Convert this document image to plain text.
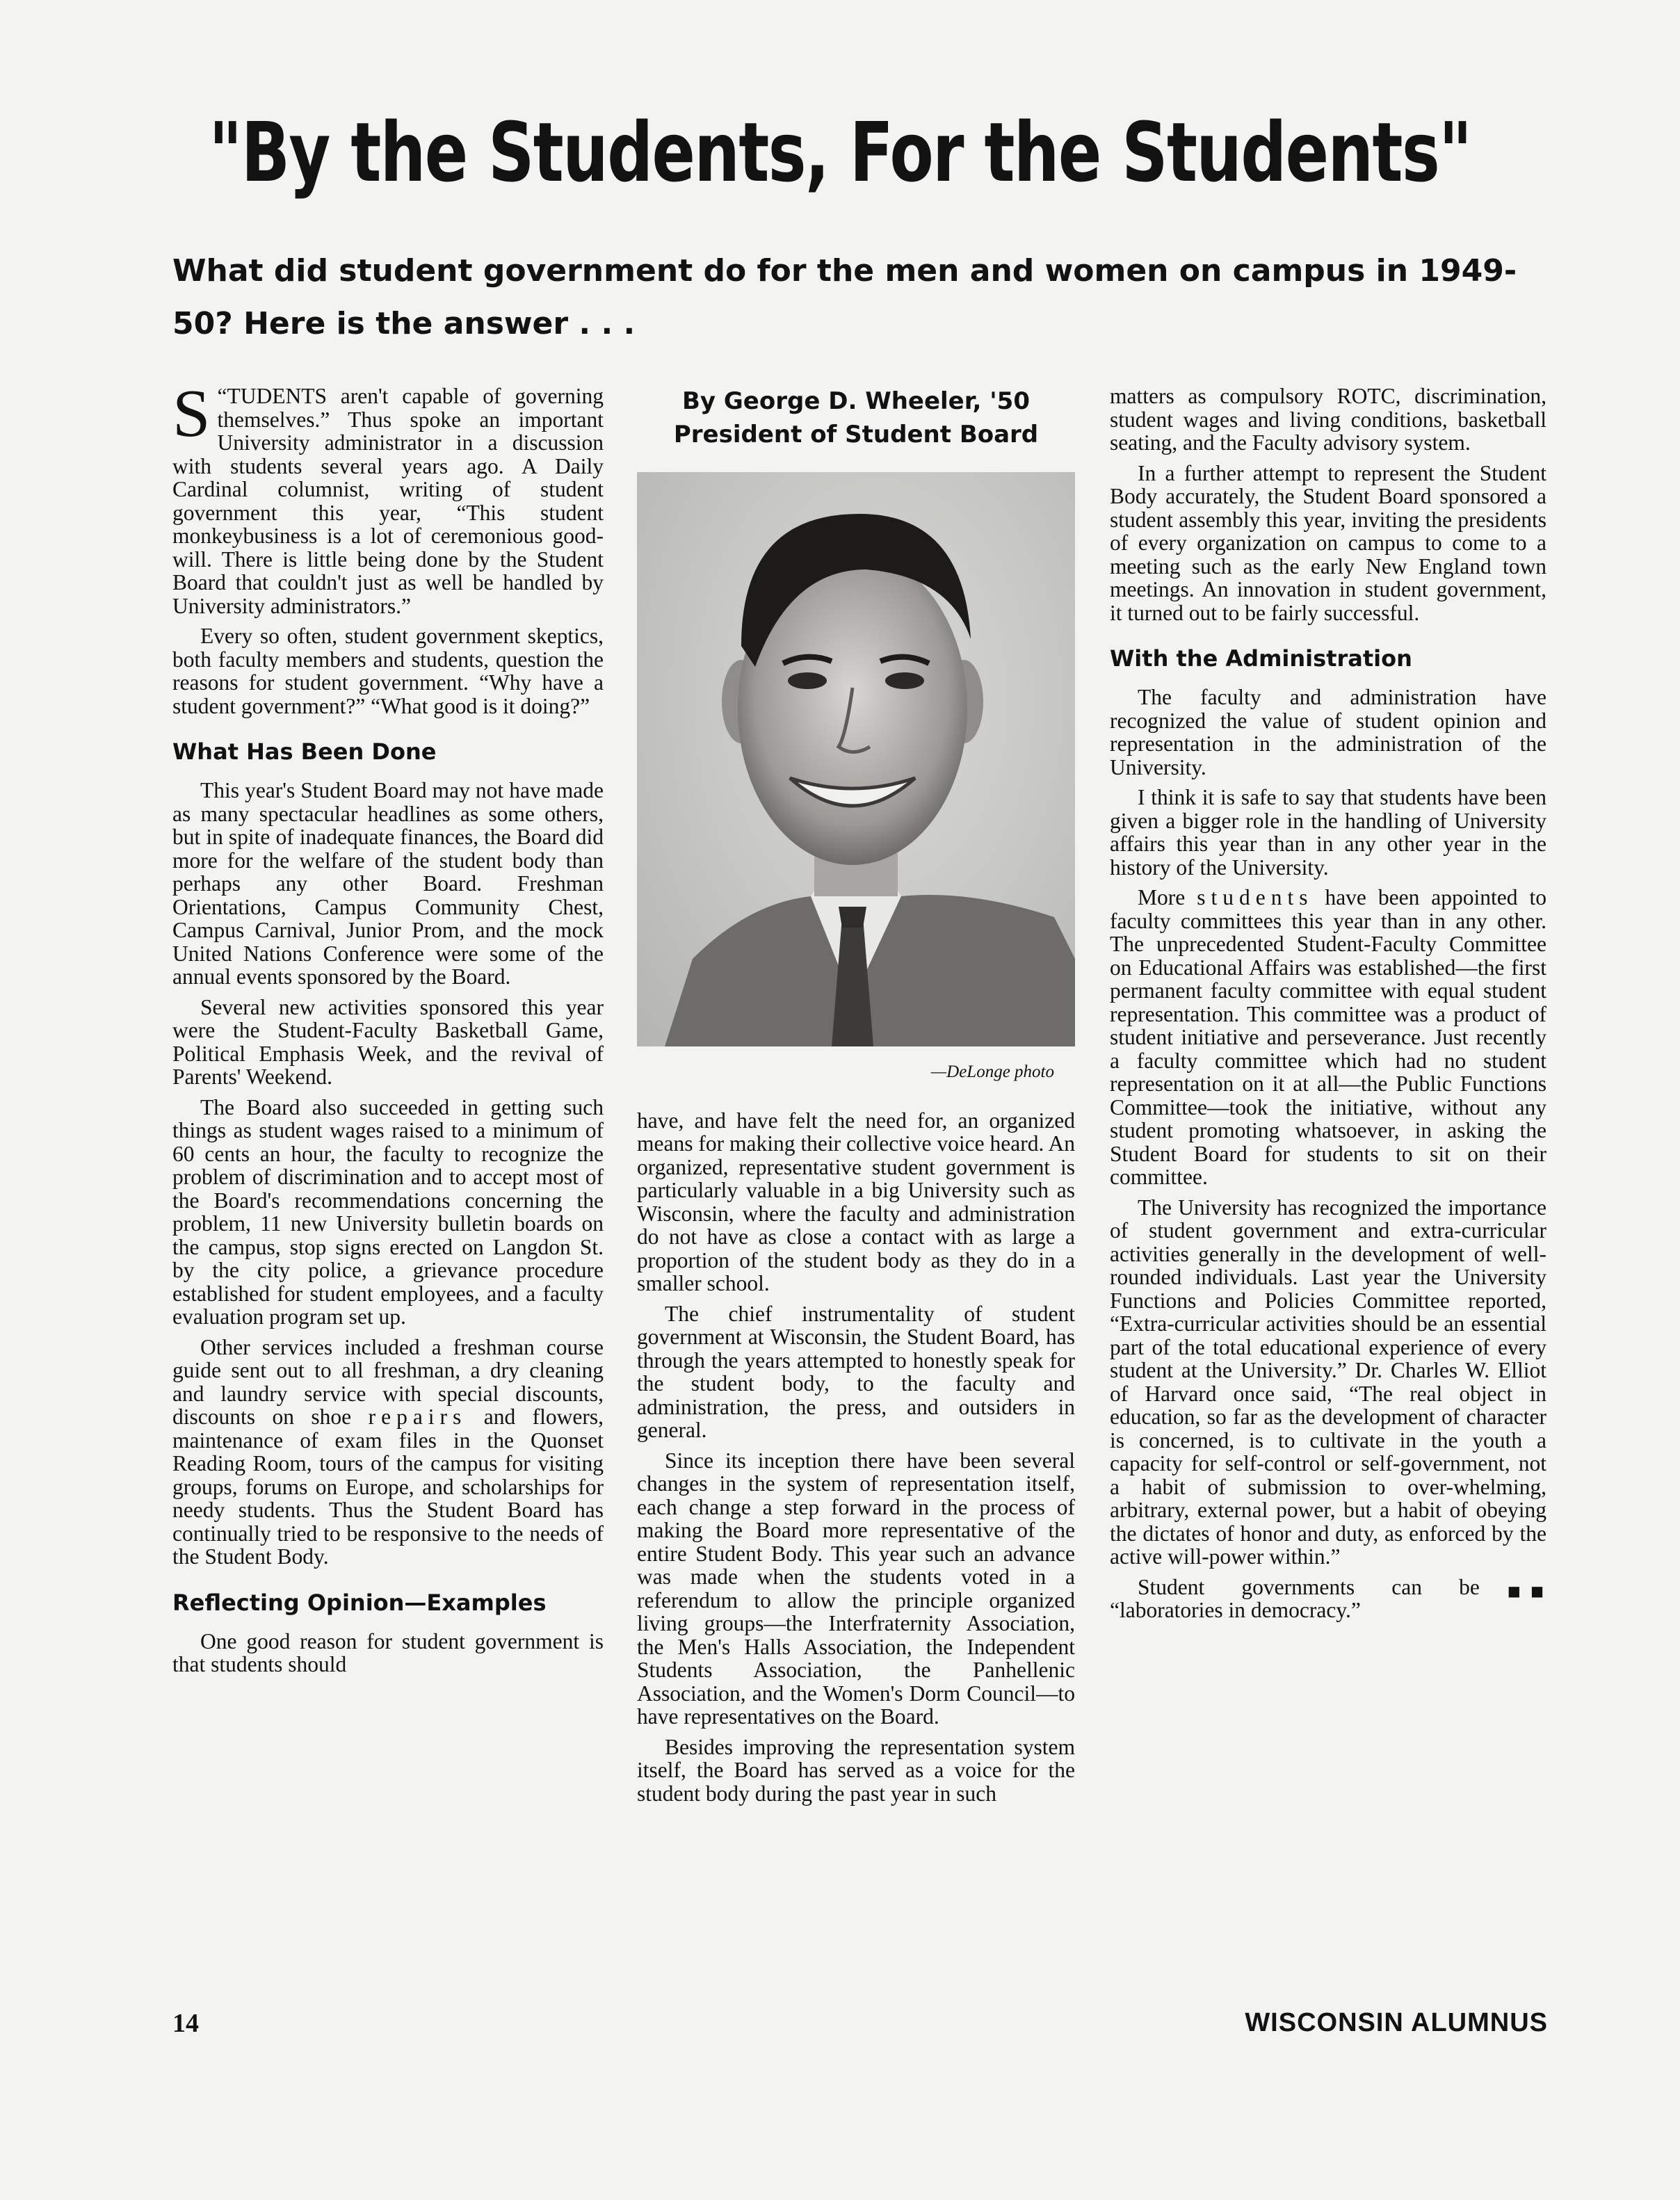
"By the Students, For the Students"
What did student government do for the men and women on campus in 1949-50? Here is the answer . . .

“
S TUDENTS aren't capable of governing themselves.” Thus spoke an important University administrator in a discussion with students several years ago. A Daily Cardinal columnist, writing of student government this year, “This student monkeybusiness is a lot of ceremonious good-will. There is little being done by the Student Board that couldn't just as well be handled by University administrators.”

Every so often, student government skeptics, both faculty members and students, question the reasons for student government. “Why have a student government?” “What good is it doing?”

What Has Been Done

This year's Student Board may not have made as many spectacular headlines as some others, but in spite of inadequate finances, the Board did more for the welfare of the student body than perhaps any other Board. Freshman Orientations, Campus Community Chest, Campus Carnival, Junior Prom, and the mock United Nations Conference were some of the annual events sponsored by the Board.

Several new activities sponsored this year were the Student-Faculty Basketball Game, Political Emphasis Week, and the revival of Parents' Weekend.

The Board also succeeded in getting such things as student wages raised to a minimum of 60 cents an hour, the faculty to recognize the problem of discrimination and to accept most of the Board's recommendations concerning the problem, 11 new University bulletin boards on the campus, stop signs erected on Langdon St. by the city police, a grievance procedure established for student employees, and a faculty evaluation program set up.

Other services included a freshman course guide sent out to all freshman, a dry cleaning and laundry service with special discounts, discounts on shoe repairs and flowers, maintenance of exam files in the Quonset Reading Room, tours of the campus for visiting groups, forums on Europe, and scholarships for needy students. Thus the Student Board has continually tried to be responsive to the needs of the Student Body.

Reflecting Opinion—Examples

One good reason for student government is that students should

By George D. Wheeler, '50
President of Student Board
—DeLonge photo

have, and have felt the need for, an organized means for making their collective voice heard. An organized, representative student government is particularly valuable in a big University such as Wisconsin, where the faculty and administration do not have as close a contact with as large a proportion of the student body as they do in a smaller school.

The chief instrumentality of student government at Wisconsin, the Student Board, has through the years attempted to honestly speak for the student body, to the faculty and administration, the press, and outsiders in general.

Since its inception there have been several changes in the system of representation itself, each change a step forward in the process of making the Board more representative of the entire Student Body. This year such an advance was made when the students voted in a referendum to allow the principle organized living groups—the Interfraternity Association, the Men's Halls Association, the Independent Students Association, the Panhellenic Association, and the Women's Dorm Council—to have representatives on the Board.

Besides improving the representation system itself, the Board has served as a voice for the student body during the past year in such

matters as compulsory ROTC, discrimination, student wages and living conditions, basketball seating, and the Faculty advisory system.

In a further attempt to represent the Student Body accurately, the Student Board sponsored a student assembly this year, inviting the presidents of every organization on campus to come to a meeting such as the early New England town meetings. An innovation in student government, it turned out to be fairly successful.

With the Administration

The faculty and administration have recognized the value of student opinion and representation in the administration of the University.

I think it is safe to say that students have been given a bigger role in the handling of University affairs this year than in any other year in the history of the University.

More students have been appointed to faculty committees this year than in any other. The unprecedented Student-Faculty Committee on Educational Affairs was established—the first permanent faculty committee with equal student representation. This committee was a product of student initiative and perseverance. Just recently a faculty committee which had no student representation on it at all—the Public Functions Committee—took the initiative, without any student promoting whatsoever, in asking the Student Board for students to sit on their committee.

The University has recognized the importance of student government and extra-curricular activities generally in the development of well-rounded individuals. Last year the University Functions and Policies Committee reported, “Extra-curricular activities should be an essential part of the total educational experience of every student at the University.” Dr. Charles W. Elliot of Harvard once said, “The real object in education, so far as the development of character is concerned, is to cultivate in the youth a capacity for self-control or self-government, not a habit of submission to over-whelming, arbitrary, external power, but a habit of obeying the dictates of honor and duty, as enforced by the active will-power within.”

■ ■
Student governments can be “laboratories in democracy.”

14	WISCONSIN ALUMNUS
